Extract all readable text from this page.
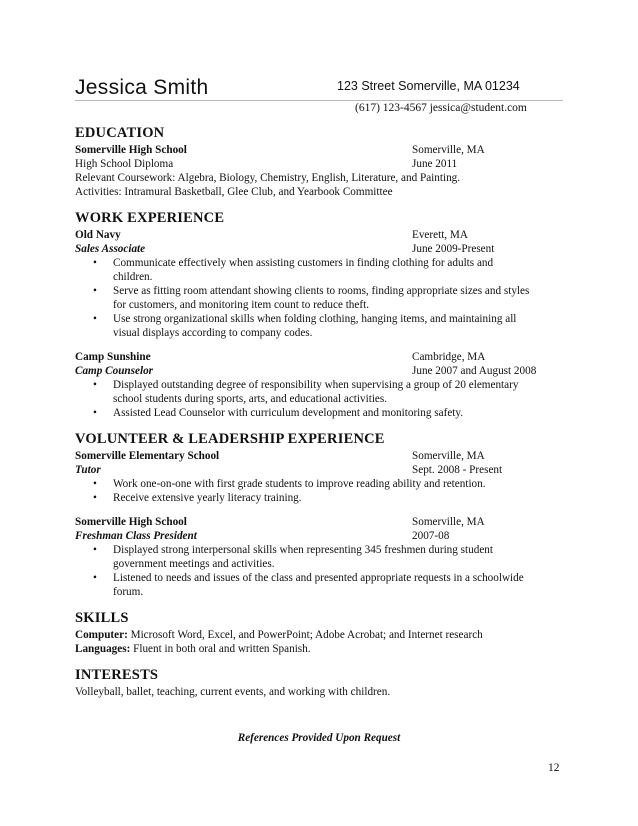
Jessica Smith	123 Street Somerville, MA 01234
(617) 123-4567 jessica@student.com
EDUCATION
Somerville High School	Somerville, MA
High School Diploma	June 2011
Relevant Coursework: Algebra, Biology, Chemistry, English, Literature, and Painting.
Activities: Intramural Basketball, Glee Club, and Yearbook Committee
WORK EXPERIENCE
Old Navy	Everett, MA
Sales Associate	June 2009-Present
• Communicate effectively when assisting customers in finding clothing for adults and
children.
• Serve as fitting room attendant showing clients to rooms, finding appropriate sizes and styles
for customers, and monitoring item count to reduce theft.
• Use strong organizational skills when folding clothing, hanging items, and maintaining all
visual displays according to company codes.
Camp Sunshine	Cambridge, MA
Camp Counselor	June 2007 and August 2008
• Displayed outstanding degree of responsibility when supervising a group of 20 elementary
school students during sports, arts, and educational activities.
• Assisted Lead Counselor with curriculum development and monitoring safety.
VOLUNTEER & LEADERSHIP EXPERIENCE
Somerville Elementary School	Somerville, MA
Tutor	Sept. 2008 - Present
• Work one-on-one with first grade students to improve reading ability and retention.
• Receive extensive yearly literacy training.
Somerville High School	Somerville, MA
Freshman Class President	2007-08
• Displayed strong interpersonal skills when representing 345 freshmen during student
government meetings and activities.
• Listened to needs and issues of the class and presented appropriate requests in a schoolwide
forum.
SKILLS
Computer: Microsoft Word, Excel, and PowerPoint; Adobe Acrobat; and Internet research
Languages: Fluent in both oral and written Spanish.
INTERESTS
Volleyball, ballet, teaching, current events, and working with children.
References Provided Upon Request
12
